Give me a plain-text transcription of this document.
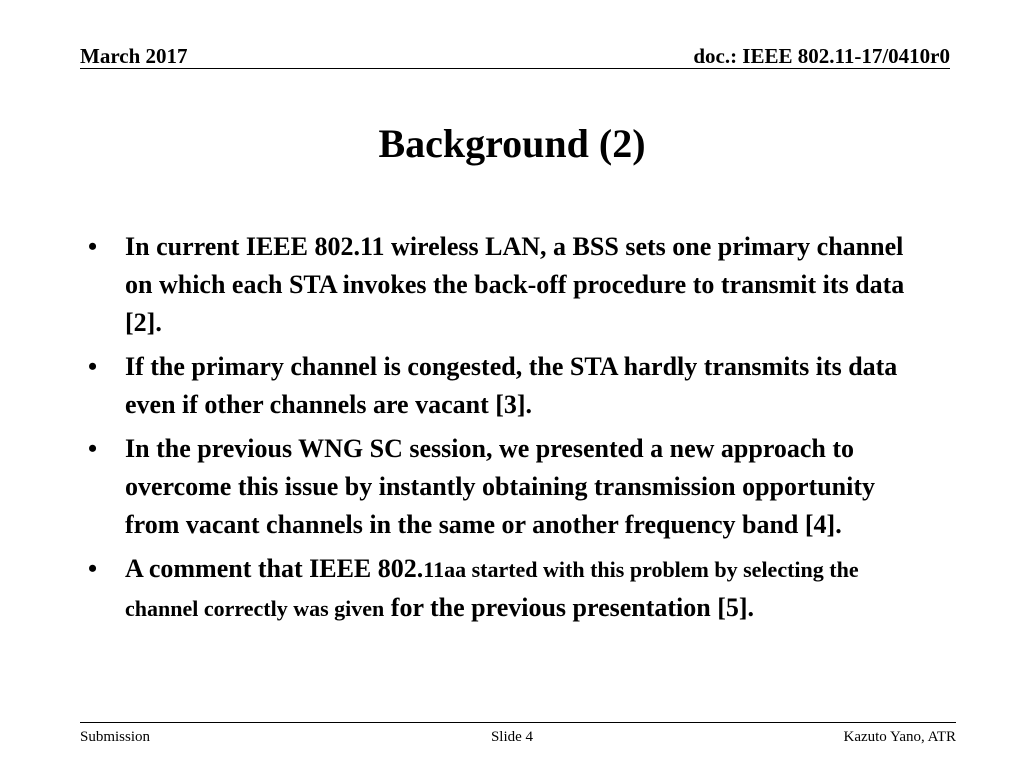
March 2017	doc.: IEEE 802.11-17/0410r0
Background (2)
•	In current IEEE 802.11 wireless LAN, a BSS sets one primary channel on which each STA invokes the back-off procedure to transmit its data [2].
•	If the primary channel is congested, the STA hardly transmits its data even if other channels are vacant [3].
•	In the previous WNG SC session, we presented a new approach to overcome this issue by instantly obtaining transmission opportunity from vacant channels in the same or another frequency band [4].
•	A comment that IEEE 802.11aa started with this problem by selecting the channel correctly was given for the previous presentation [5].
Submission	Slide 4	Kazuto Yano, ATR
